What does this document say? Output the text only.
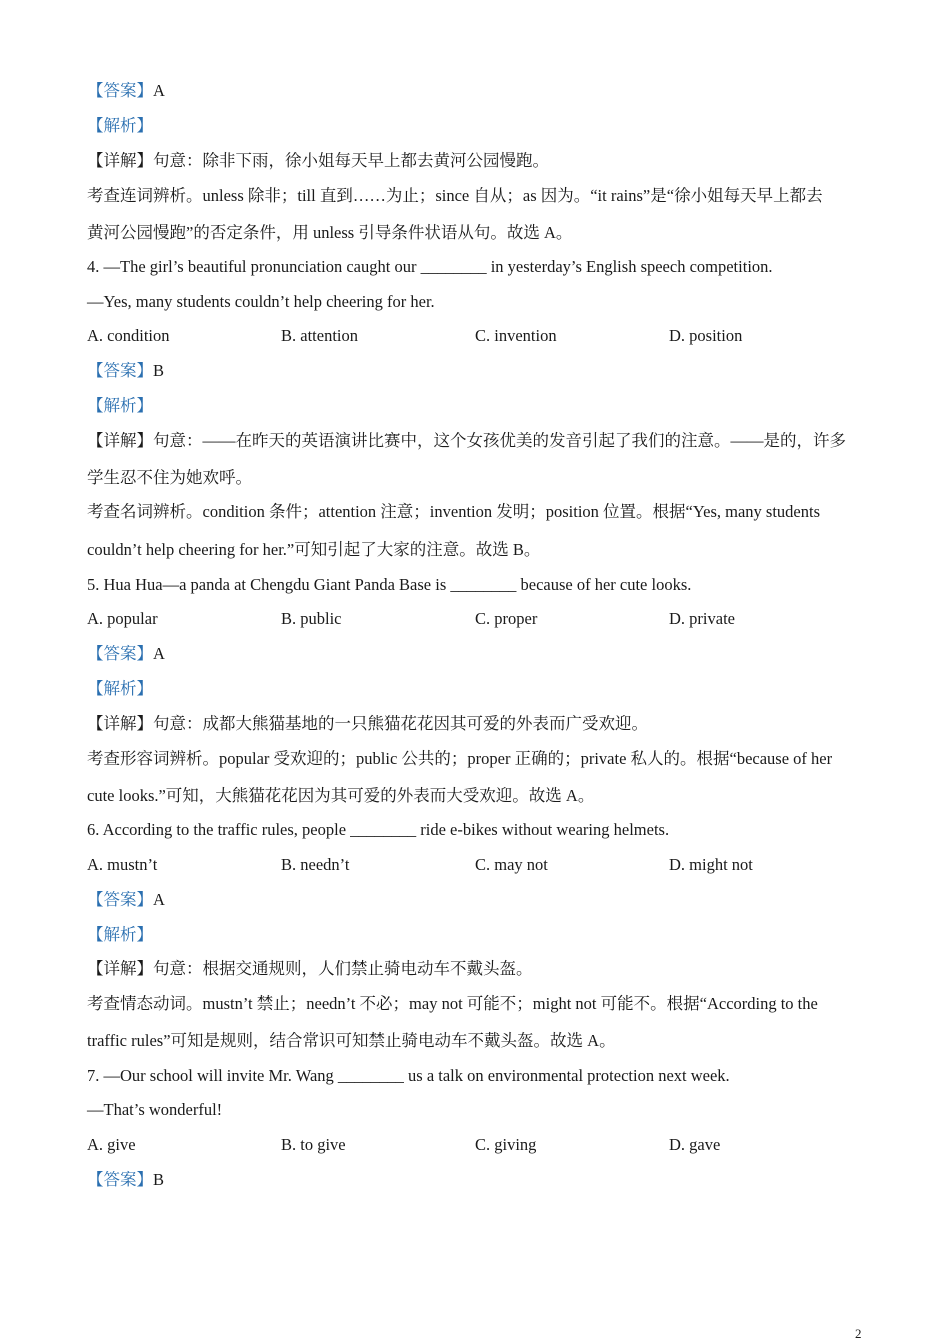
【答案】A
【解析】
【详解】句意：除非下雨，徐小姐每天早上都去黄河公园慢跑。
考查连词辨析。unless 除非；till 直到……为止；since 自从；as 因为。“it rains”是“徐小姐每天早上都去
黄河公园慢跑”的否定条件，用 unless 引导条件状语从句。故选 A。
4. —The girl’s beautiful pronunciation caught our ________ in yesterday’s English speech competition.
—Yes, many students couldn’t help cheering for her.
A. condition	B. attention	C. invention	D. position
【答案】B
【解析】
【详解】句意：——在昨天的英语演讲比赛中，这个女孩优美的发音引起了我们的注意。——是的，许多
学生忍不住为她欢呼。
考查名词辨析。condition 条件；attention 注意；invention 发明；position 位置。根据“Yes, many students
couldn’t help cheering for her.”可知引起了大家的注意。故选 B。
5. Hua Hua—a panda at Chengdu Giant Panda Base is ________ because of her cute looks.
A. popular	B. public	C. proper	D. private
【答案】A
【解析】
【详解】句意：成都大熊猫基地的一只熊猫花花因其可爱的外表而广受欢迎。
考查形容词辨析。popular 受欢迎的；public 公共的；proper 正确的；private 私人的。根据“because of her
cute looks.”可知，大熊猫花花因为其可爱的外表而大受欢迎。故选 A。
6. According to the traffic rules, people ________ ride e-bikes without wearing helmets.
A. mustn’t	B. needn’t	C. may not	D. might not
【答案】A
【解析】
【详解】句意：根据交通规则，人们禁止骑电动车不戴头盔。
考查情态动词。mustn’t 禁止；needn’t 不必；may not 可能不；might not 可能不。根据“According to the
traffic rules”可知是规则，结合常识可知禁止骑电动车不戴头盔。故选 A。
7. —Our school will invite Mr. Wang ________ us a talk on environmental protection next week.
—That’s wonderful!
A. give	B. to give	C. giving	D. gave
【答案】B
2
